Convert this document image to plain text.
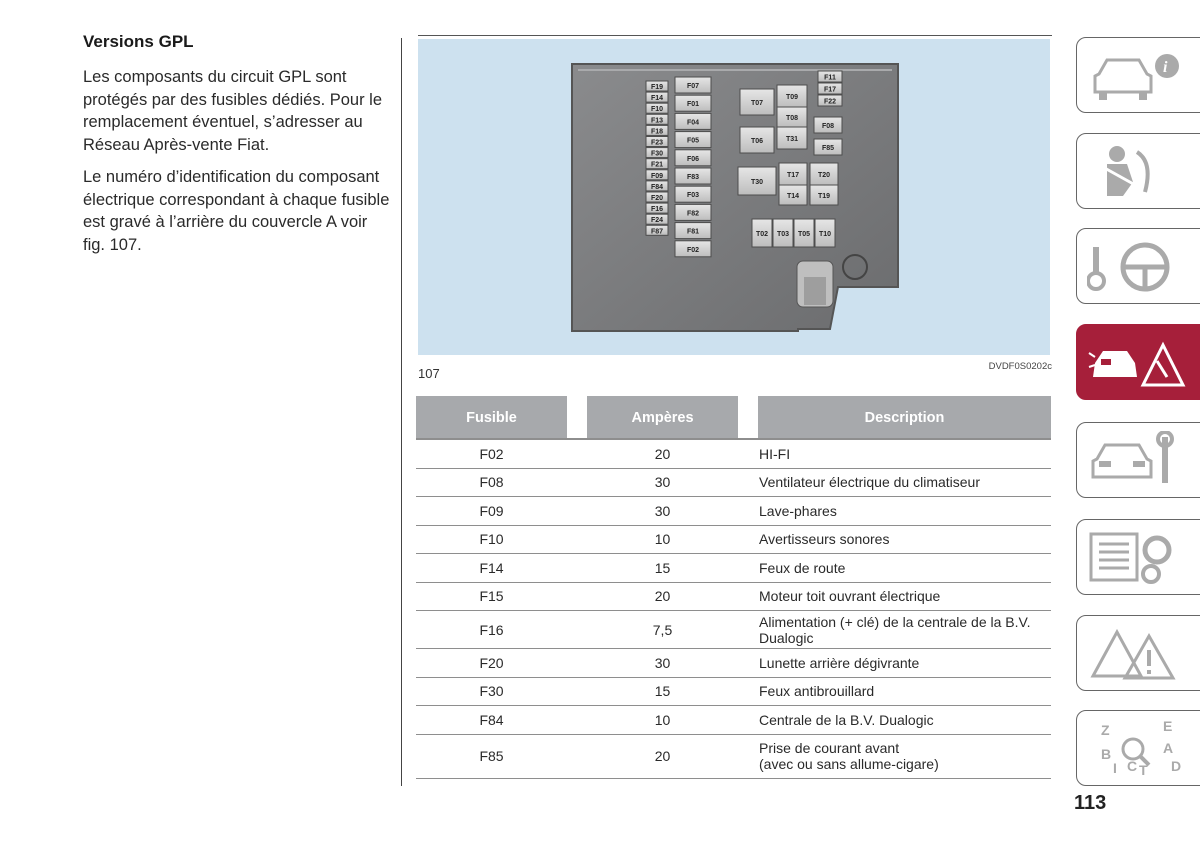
Versions GPL

Les composants du circuit GPL sont protégés par des fusibles dédiés. Pour le remplacement éventuel, s’adresser au Réseau Après-vente Fiat.

Le numéro d’identification du composant électrique correspondant à chaque fusible est gravé à l’arrière du couvercle A voir fig. 107.

F19
F14
F10
F13
F18
F23
F30
F21
F09
F84
F20
F16
F24
F87
F07
F01
F04
F05
F06
F83
F03
F82
F81
F02
T07
T09
T08
T06	T31
T30
T17	T20
T14	T19
F11
F17
F22
F08
F85
T02 T03 T05 T10
107	DVDF0S0202c
Fusible		Ampères		Description
F02		20		HI-FI
F08		30		Ventilateur électrique du climatiseur
F09		30		Lave-phares
F10		10		Avertisseurs sonores
F14		15		Feux de route
F15		20		Moteur toit ouvrant électrique
F16		7,5		Alimentation (+ clé) de la centrale de la B.V.
Dualogic
F20		30		Lunette arrière dégivrante
F30		15		Feux antibrouillard
F84		10		Centrale de la B.V. Dualogic
F85		20		Prise de courant avant
(avec ou sans allume-cigare)
i
Z	E
B	A
I C T D
113
